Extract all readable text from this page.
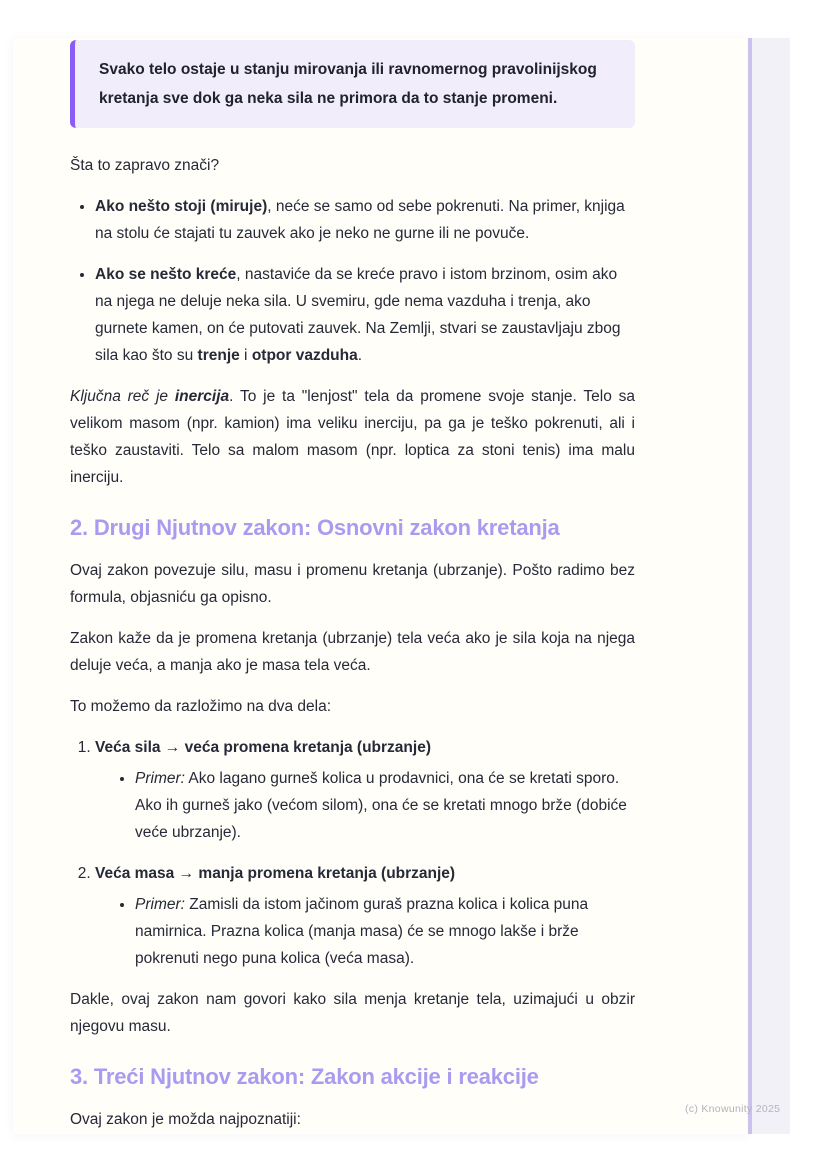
Svako telo ostaje u stanju mirovanja ili ravnomernog pravolinijskog kretanja sve dok ga neka sila ne primora da to stanje promeni.

Šta to zapravo znači?

• Ako nešto stoji (miruje), neće se samo od sebe pokrenuti. Na primer, knjiga na stolu će stajati tu zauvek ako je neko ne gurne ili ne povuče.
• Ako se nešto kreće, nastaviće da se kreće pravo i istom brzinom, osim ako na njega ne deluje neka sila. U svemiru, gde nema vazduha i trenja, ako gurnete kamen, on će putovati zauvek. Na Zemlji, stvari se zaustavljaju zbog sila kao što su trenje i otpor vazduha.

Ključna reč je inercija. To je ta "lenjost" tela da promene svoje stanje. Telo sa velikom masom (npr. kamion) ima veliku inerciju, pa ga je teško pokrenuti, ali i teško zaustaviti. Telo sa malom masom (npr. loptica za stoni tenis) ima malu inerciju.

2. Drugi Njutnov zakon: Osnovni zakon kretanja

Ovaj zakon povezuje silu, masu i promenu kretanja (ubrzanje). Pošto radimo bez formula, objasniću ga opisno.

Zakon kaže da je promena kretanja (ubrzanje) tela veća ako je sila koja na njega deluje veća, a manja ako je masa tela veća.

To možemo da razložimo na dva dela:

1. Veća sila → veća promena kretanja (ubrzanje)
• Primer: Ako lagano gurneš kolica u prodavnici, ona će se kretati sporo. Ako ih gurneš jako (većom silom), ona će se kretati mnogo brže (dobiće veće ubrzanje).
2. Veća masa → manja promena kretanja (ubrzanje)
• Primer: Zamisli da istom jačinom guraš prazna kolica i kolica puna namirnica. Prazna kolica (manja masa) će se mnogo lakše i brže pokrenuti nego puna kolica (veća masa).

Dakle, ovaj zakon nam govori kako sila menja kretanje tela, uzimajući u obzir njegovu masu.

3. Treći Njutnov zakon: Zakon akcije i reakcije

Ovaj zakon je možda najpoznatiji:

(c) Knowunity 2025
